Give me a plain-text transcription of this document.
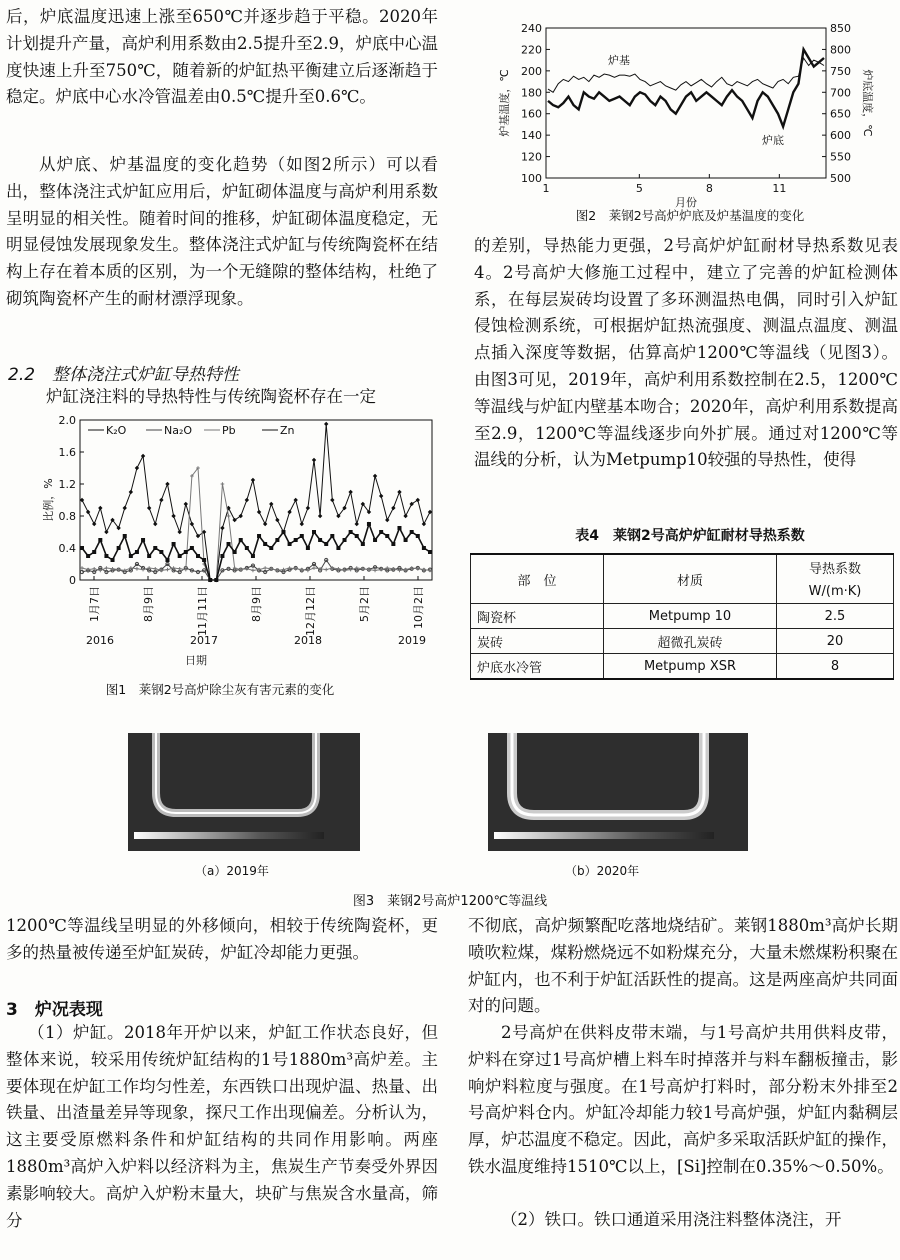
后，炉底温度迅速上涨至650℃并逐步趋于平稳。2020年计划提升产量，高炉利用系数由2.5提升至2.9，炉底中心温度快速上升至750℃，随着新的炉缸热平衡建立后逐渐趋于稳定。炉底中心水冷管温差由0.5℃提升至0.6℃。

从炉底、炉基温度的变化趋势（如图2所示）可以看出，整体浇注式炉缸应用后，炉缸砌体温度与高炉利用系数呈明显的相关性。随着时间的推移，炉缸砌体温度稳定，无明显侵蚀发展现象发生。整体浇注式炉缸与传统陶瓷杯在结构上存在着本质的区别，为一个无缝隙的整体结构，杜绝了砌筑陶瓷杯产生的耐材漂浮现象。

2.2　整体浇注式炉缸导热特性

炉缸浇注料的导热特性与传统陶瓷杯存在一定

0
0.4
0.8
1.2
1.6
2.0
比例，%
1月7日	8月9日	11月11日	8月9日	12月12日	5月2日	10月2日
2016	2017	2018	2019
日期
K₂O	Na₂O	Pb	Zn
图1　莱钢2号高炉除尘灰有害元素的变化
100
120
140
160
180
200
220
240
500
550
600
650
700
750
800
850
炉基温度，℃	炉底温度，℃
1	5	8	11
月份
炉基
炉底
图2　莱钢2号高炉炉底及炉基温度的变化

的差别，导热能力更强，2号高炉炉缸耐材导热系数见表4。2号高炉大修施工过程中，建立了完善的炉缸检测体系，在每层炭砖均设置了多环测温热电偶，同时引入炉缸侵蚀检测系统，可根据炉缸热流强度、测温点温度、测温点插入深度等数据，估算高炉1200℃等温线（见图3）。由图3可见，2019年，高炉利用系数控制在2.5，1200℃等温线与炉缸内壁基本吻合；2020年，高炉利用系数提高至2.9，1200℃等温线逐步向外扩展。通过对1200℃等温线的分析，认为Metpump10较强的导热性，使得

表4　莱钢2号高炉炉缸耐材导热系数
部　位	材质	导热系数
		W/(m·K)
陶瓷杯	Metpump 10	2.5
炭砖	超微孔炭砖	20
炉底水冷管	Metpump XSR	8
（a）2019年	（b）2020年
图3　莱钢2号高炉1200℃等温线

1200℃等温线呈明显的外移倾向，相较于传统陶瓷杯，更多的热量被传递至炉缸炭砖，炉缸冷却能力更强。

3　炉况表现

（1）炉缸。2018年开炉以来，炉缸工作状态良好，但整体来说，较采用传统炉缸结构的1号1880m³高炉差。主要体现在炉缸工作均匀性差，东西铁口出现炉温、热量、出铁量、出渣量差异等现象，探尺工作出现偏差。分析认为，这主要受原燃料条件和炉缸结构的共同作用影响。两座1880m³高炉入炉料以经济料为主，焦炭生产节奏受外界因素影响较大。高炉入炉粉末量大，块矿与焦炭含水量高，筛分

不彻底，高炉频繁配吃落地烧结矿。莱钢1880m³高炉长期喷吹粒煤，煤粉燃烧远不如粉煤充分，大量未燃煤粉积聚在炉缸内，也不利于炉缸活跃性的提高。这是两座高炉共同面对的问题。

2号高炉在供料皮带末端，与1号高炉共用供料皮带，炉料在穿过1号高炉槽上料车时掉落并与料车翻板撞击，影响炉料粒度与强度。在1号高炉打料时，部分粉末外排至2号高炉料仓内。炉缸冷却能力较1号高炉强，炉缸内黏稠层厚，炉芯温度不稳定。因此，高炉多采取活跃炉缸的操作，铁水温度维持1510℃以上，[Si]控制在0.35%～0.50%。

（2）铁口。铁口通道采用浇注料整体浇注，开
